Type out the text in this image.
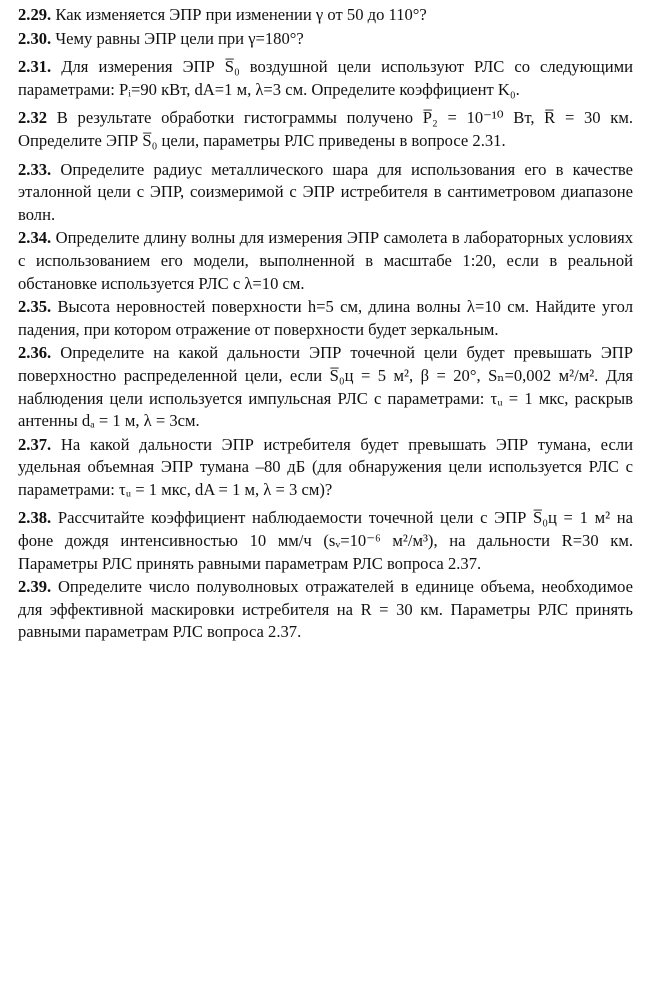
2.29. Как изменяется ЭПР при изменении γ от 50 до 110°?

2.30. Чему равны ЭПР цели при γ=180°?

2.31. Для измерения ЭПР S̅₀ воздушной цели используют РЛС со следующими параметрами: Pᵢ=90 кВт, dA=1 м, λ=3 см. Определите коэффициент K₀.

2.32 В результате обработки гистограммы получено P̅₂ = 10⁻¹⁰ Вт, R̅ = 30 км. Определите ЭПР S̅₀ цели, параметры РЛС приведены в вопросе 2.31.

2.33. Определите радиус металлического шара для использования его в качестве эталонной цели с ЭПР, соизмеримой с ЭПР истребителя в сантиметровом диапазоне волн.

2.34. Определите длину волны для измерения ЭПР самолета в лабораторных условиях с использованием его модели, выполненной в масштабе 1:20, если в реальной обстановке используется РЛС с λ=10 см.

2.35. Высота неровностей поверхности h=5 см, длина волны λ=10 см. Найдите угол падения, при котором отражение от поверхности будет зеркальным.

2.36. Определите на какой дальности ЭПР точечной цели будет превышать ЭПР поверхностно распределенной цели, если S̅₀ц = 5 м², β = 20°, Sₙ=0,002 м²/м². Для наблюдения цели используется импульсная РЛС с параметрами: τᵤ = 1 мкс, раскрыв антенны dₐ = 1 м, λ = 3см.

2.37. На какой дальности ЭПР истребителя будет превышать ЭПР тумана, если удельная объемная ЭПР тумана –80 дБ (для обнаружения цели используется РЛС с параметрами: τᵤ = 1 мкс, dA = 1 м, λ = 3 см)?

2.38. Рассчитайте коэффициент наблюдаемости точечной цели с ЭПР S̅₀ц = 1 м² на фоне дождя интенсивностью 10 мм/ч (sᵥ=10⁻⁶ м²/м³), на дальности R=30 км. Параметры РЛС принять равными параметрам РЛС вопроса 2.37.

2.39. Определите число полуволновых отражателей в единице объема, необходимое для эффективной маскировки истребителя на R = 30 км. Параметры РЛС принять равными параметрам РЛС вопроса 2.37.
